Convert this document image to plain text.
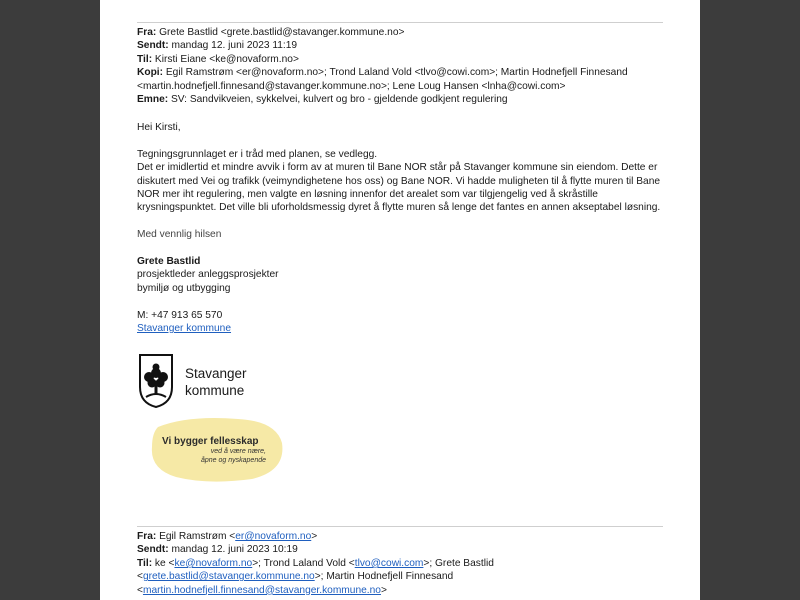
Fra: Grete Bastlid <grete.bastlid@stavanger.kommune.no>

Sendt: mandag 12. juni 2023 11:19

Til: Kirsti Eiane <ke@novaform.no>

Kopi: Egil Ramstrøm <er@novaform.no>; Trond Laland Vold <tlvo@cowi.com>; Martin Hodnefjell Finnesand

<martin.hodnefjell.finnesand@stavanger.kommune.no>; Lene Loug Hansen <lnha@cowi.com>

Emne: SV: Sandvikveien, sykkelvei, kulvert og bro - gjeldende godkjent regulering

Hei Kirsti,

Tegningsgrunnlaget er i tråd med planen, se vedlegg.

Det er imidlertid et mindre avvik i form av at muren til Bane NOR står på Stavanger kommune sin eiendom. Dette er

diskutert med Vei og trafikk (veimyndighetene hos oss) og Bane NOR. Vi hadde muligheten til å flytte muren til Bane

NOR mer iht regulering, men valgte en løsning innenfor det arealet som var tilgjengelig ved å skråstille

krysningspunktet. Det ville bli uforholdsmessig dyret å flytte muren så lenge det fantes en annen akseptabel løsning.

Med vennlig hilsen

Grete Bastlid

prosjektleder anleggsprosjekter

bymiljø og utbygging

M: +47 913 65 570

Stavanger kommune

Stavanger
kommune
Vi bygger fellesskap
ved å være nære,
åpne og nyskapende

Fra: Egil Ramstrøm <er@novaform.no>

Sendt: mandag 12. juni 2023 10:19

Til: ke <ke@novaform.no>; Trond Laland Vold <tlvo@cowi.com>; Grete Bastlid

<grete.bastlid@stavanger.kommune.no>; Martin Hodnefjell Finnesand

<martin.hodnefjell.finnesand@stavanger.kommune.no>
